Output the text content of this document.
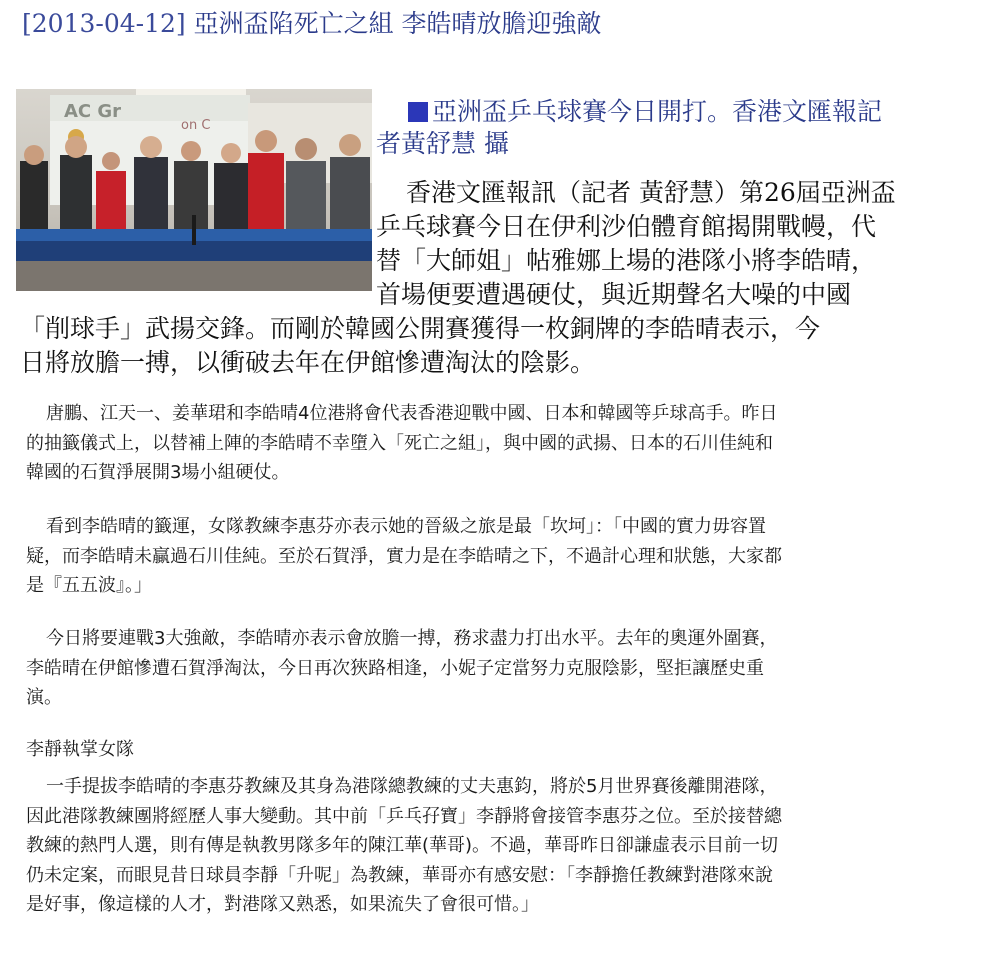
[2013-04-12] 亞洲盃陷死亡之組 李皓晴放膽迎強敵
AC Gr
on C	亞洲盃乒乓球賽今日開打。香港文匯報記
者黃舒慧 攝
香港文匯報訊（記者 黃舒慧）第26屆亞洲盃
乒乓球賽今日在伊利沙伯體育館揭開戰幔，代
替「大師姐」帖雅娜上場的港隊小將李皓晴，
首場便要遭遇硬仗，與近期聲名大噪的中國
「削球手」武揚交鋒。而剛於韓國公開賽獲得一枚銅牌的李皓晴表示，今
日將放膽一搏，以衝破去年在伊館慘遭淘汰的陰影。
唐鵬、江天一、姜華珺和李皓晴4位港將會代表香港迎戰中國、日本和韓國等乒球高手。昨日
的抽籤儀式上，以替補上陣的李皓晴不幸墮入「死亡之組」，與中國的武揚、日本的石川佳純和
韓國的石賀淨展開3場小組硬仗。
看到李皓晴的籤運，女隊教練李惠芬亦表示她的晉級之旅是最「坎坷」：「中國的實力毋容置
疑，而李皓晴未贏過石川佳純。至於石賀淨，實力是在李皓晴之下，不過計心理和狀態，大家都
是『五五波』。」
今日將要連戰3大強敵，李皓晴亦表示會放膽一搏，務求盡力打出水平。去年的奧運外圍賽，
李皓晴在伊館慘遭石賀淨淘汰，今日再次狹路相逢，小妮子定當努力克服陰影，堅拒讓歷史重
演。
李靜執掌女隊
一手提拔李皓晴的李惠芬教練及其身為港隊總教練的丈夫惠鈞，將於5月世界賽後離開港隊，
因此港隊教練團將經歷人事大變動。其中前「乒乓孖寶」李靜將會接管李惠芬之位。至於接替總
教練的熱門人選，則有傳是執教男隊多年的陳江華(華哥)。不過，華哥昨日卻謙虛表示目前一切
仍未定案，而眼見昔日球員李靜「升呢」為教練，華哥亦有感安慰：「李靜擔任教練對港隊來說
是好事，像這樣的人才，對港隊又熟悉，如果流失了會很可惜。」
